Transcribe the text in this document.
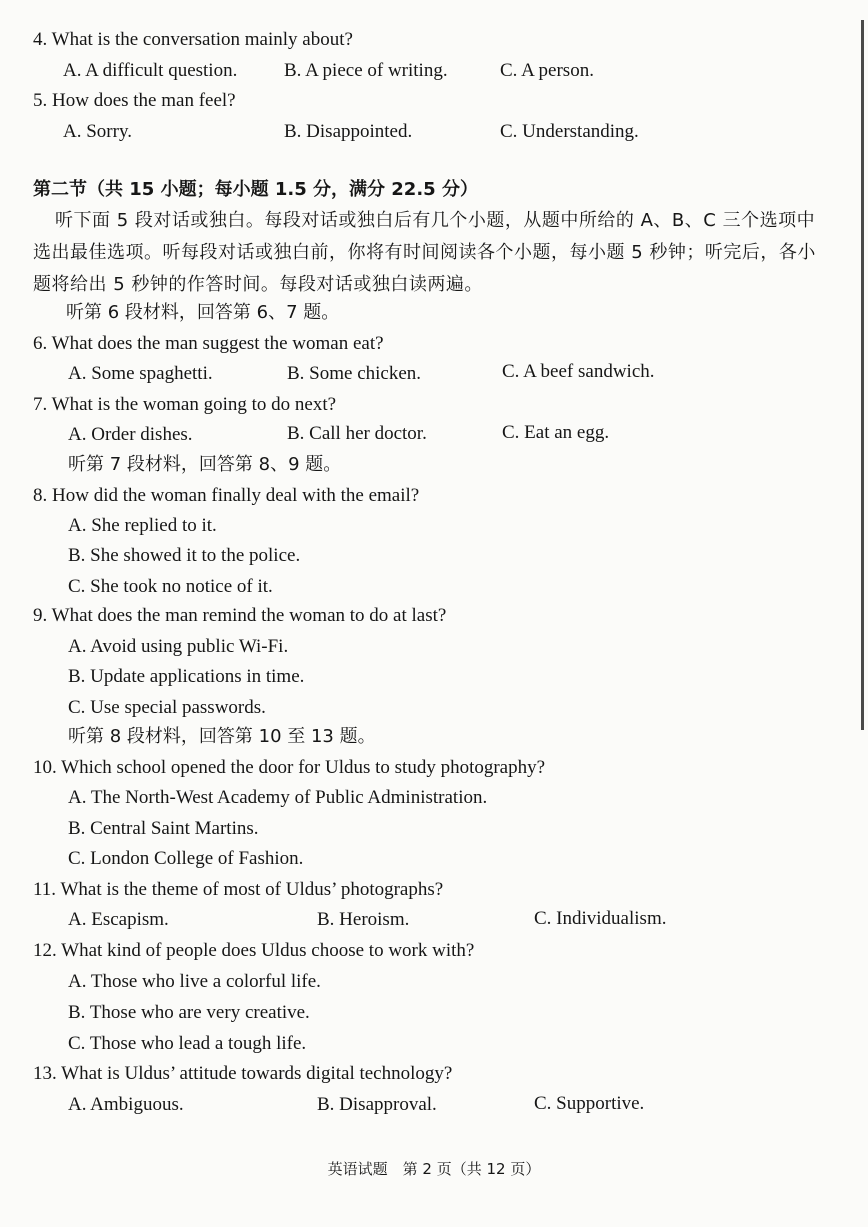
4. What is the conversation mainly about?
A. A difficult question. B. A piece of writing.	C. A person.
5. How does the man feel?
A. Sorry.	B. Disappointed.	C. Understanding.
第二节（共 15 小题；每小题 1.5 分，满分 22.5 分）
听下面 5 段对话或独白。每段对话或独白后有几个小题，从题中所给的 A、B、C 三个选项中选出最佳选项。听每段对话或独白前，你将有时间阅读各个小题，每小题 5 秒钟；听完后，各小题将给出 5 秒钟的作答时间。每段对话或独白读两遍。
听第 6 段材料，回答第 6、7 题。
6. What does the man suggest the woman eat?
A. Some spaghetti.	B. Some chicken.	C. A beef sandwich.
7. What is the woman going to do next?
A. Order dishes.	B. Call her doctor.	C. Eat an egg.
听第 7 段材料，回答第 8、9 题。
8. How did the woman finally deal with the email?
A. She replied to it.
B. She showed it to the police.
C. She took no notice of it.
9. What does the man remind the woman to do at last?
A. Avoid using public Wi-Fi.
B. Update applications in time.
C. Use special passwords.
听第 8 段材料，回答第 10 至 13 题。
10. Which school opened the door for Uldus to study photography?
A. The North-West Academy of Public Administration.
B. Central Saint Martins.
C. London College of Fashion.
11. What is the theme of most of Uldus’ photographs?
A. Escapism.	B. Heroism.	C. Individualism.
12. What kind of people does Uldus choose to work with?
A. Those who live a colorful life.
B. Those who are very creative.
C. Those who lead a tough life.
13. What is Uldus’ attitude towards digital technology?
A. Ambiguous.	B. Disapproval.	C. Supportive.
英语试题　第 2 页（共 12 页）
